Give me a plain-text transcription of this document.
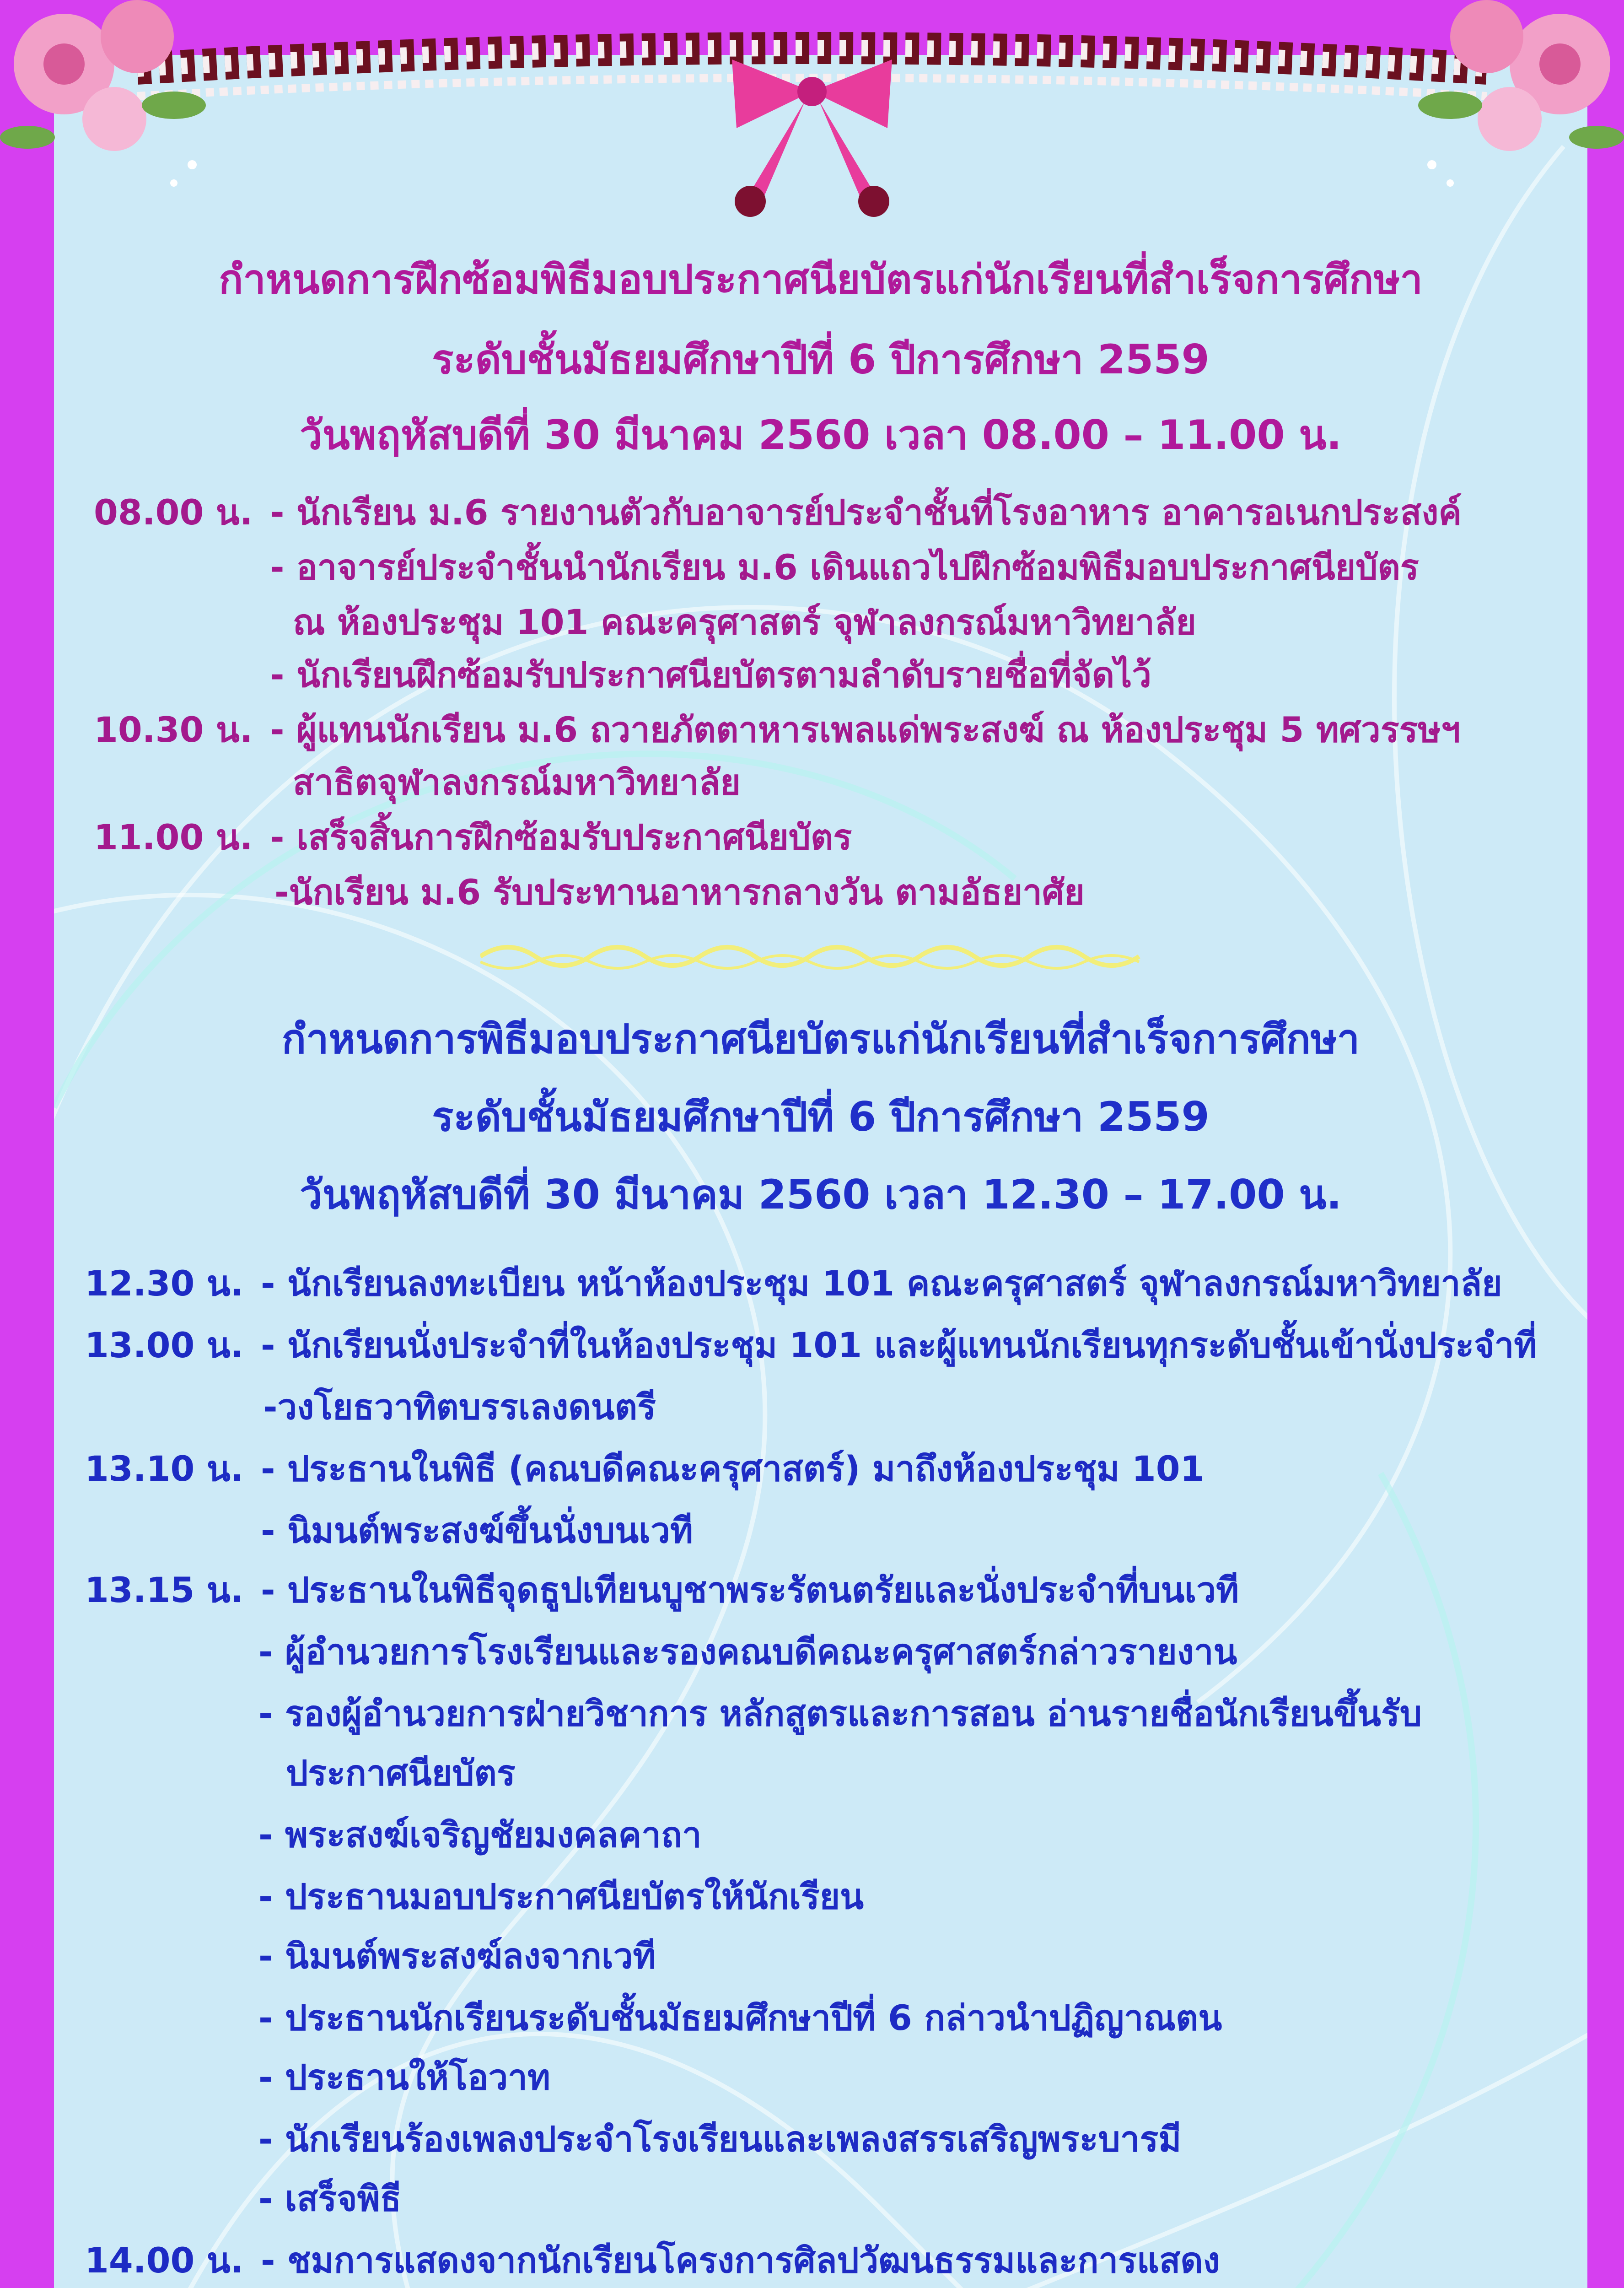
กำหนดการฝึกซ้อมพิธีมอบประกาศนียบัตรแก่นักเรียนที่สำเร็จการศึกษา
ระดับชั้นมัธยมศึกษาปีที่ 6 ปีการศึกษา 2559
วันพฤหัสบดีที่ 30 มีนาคม 2560 เวลา 08.00 – 11.00 น.
08.00 น. - นักเรียน ม.6 รายงานตัวกับอาจารย์ประจำชั้นที่โรงอาหาร อาคารอเนกประสงค์
- อาจารย์ประจำชั้นนำนักเรียน ม.6 เดินแถวไปฝึกซ้อมพิธีมอบประกาศนียบัตร
ณ ห้องประชุม 101 คณะครุศาสตร์ จุฬาลงกรณ์มหาวิทยาลัย
- นักเรียนฝึกซ้อมรับประกาศนียบัตรตามลำดับรายชื่อที่จัดไว้
10.30 น. - ผู้แทนนักเรียน ม.6 ถวายภัตตาหารเพลแด่พระสงฆ์ ณ ห้องประชุม 5 ทศวรรษฯ
สาธิตจุฬาลงกรณ์มหาวิทยาลัย
11.00 น. - เสร็จสิ้นการฝึกซ้อมรับประกาศนียบัตร
-นักเรียน ม.6 รับประทานอาหารกลางวัน ตามอัธยาศัย
กำหนดการพิธีมอบประกาศนียบัตรแก่นักเรียนที่สำเร็จการศึกษา
ระดับชั้นมัธยมศึกษาปีที่ 6 ปีการศึกษา 2559
วันพฤหัสบดีที่ 30 มีนาคม 2560 เวลา 12.30 – 17.00 น.
12.30 น. - นักเรียนลงทะเบียน หน้าห้องประชุม 101 คณะครุศาสตร์ จุฬาลงกรณ์มหาวิทยาลัย
13.00 น. - นักเรียนนั่งประจำที่ในห้องประชุม 101 และผู้แทนนักเรียนทุกระดับชั้นเข้านั่งประจำที่
-วงโยธวาทิตบรรเลงดนตรี
13.10 น. - ประธานในพิธี (คณบดีคณะครุศาสตร์) มาถึงห้องประชุม 101
- นิมนต์พระสงฆ์ขึ้นนั่งบนเวที
13.15 น. - ประธานในพิธีจุดธูปเทียนบูชาพระรัตนตรัยและนั่งประจำที่บนเวที
- ผู้อำนวยการโรงเรียนและรองคณบดีคณะครุศาสตร์กล่าวรายงาน
- รองผู้อำนวยการฝ่ายวิชาการ หลักสูตรและการสอน อ่านรายชื่อนักเรียนขึ้นรับ
ประกาศนียบัตร
- พระสงฆ์เจริญชัยมงคลคาถา
- ประธานมอบประกาศนียบัตรให้นักเรียน
- นิมนต์พระสงฆ์ลงจากเวที
- ประธานนักเรียนระดับชั้นมัธยมศึกษาปีที่ 6 กล่าวนำปฏิญาณตน
- ประธานให้โอวาท
- นักเรียนร้องเพลงประจำโรงเรียนและเพลงสรรเสริญพระบารมี
- เสร็จพิธี
14.00 น. - ชมการแสดงจากนักเรียนโครงการศิลปวัฒนธรรมและการแสดง
